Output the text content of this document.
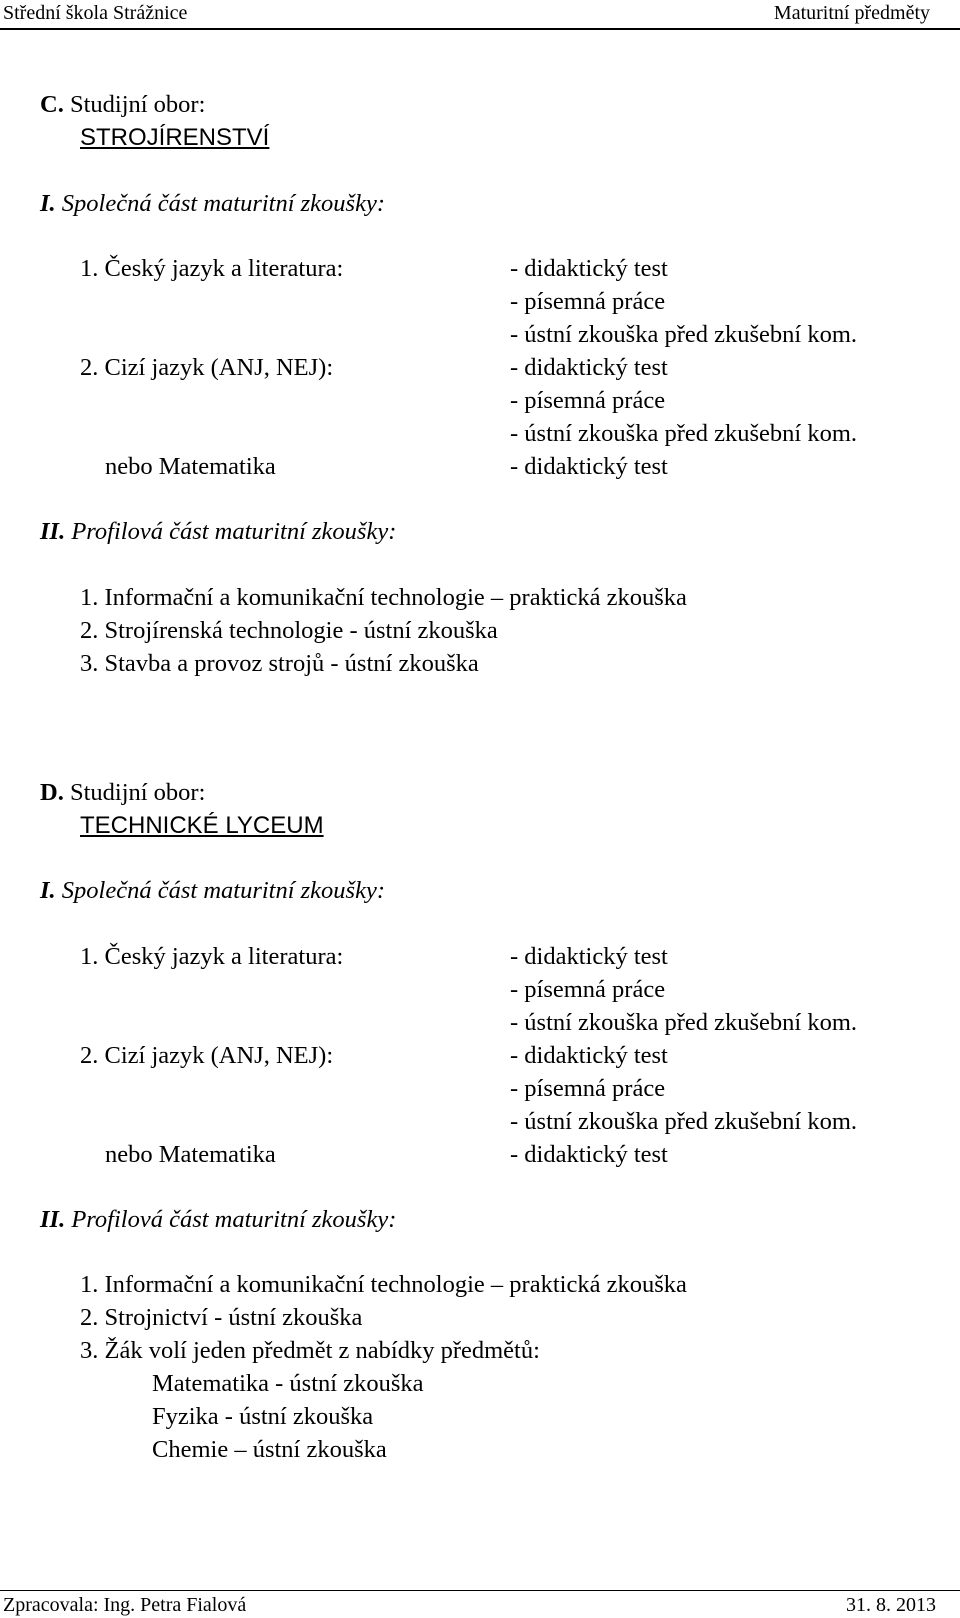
Střední škola Strážnice	Maturitní předměty
C. Studijní obor:
STROJÍRENSTVÍ
I. Společná část maturitní zkoušky:
1. Český jazyk a literatura:	- didaktický test
- písemná práce
- ústní zkouška před zkušební kom.
2. Cizí jazyk (ANJ, NEJ):	- didaktický test
- písemná práce
- ústní zkouška před zkušební kom.
nebo Matematika	- didaktický test
II. Profilová část maturitní zkoušky:
1. Informační a komunikační technologie – praktická zkouška
2. Strojírenská technologie - ústní zkouška
3. Stavba a provoz strojů - ústní zkouška
D. Studijní obor:
TECHNICKÉ LYCEUM
I. Společná část maturitní zkoušky:
1. Český jazyk a literatura:	- didaktický test
- písemná práce
- ústní zkouška před zkušební kom.
2. Cizí jazyk (ANJ, NEJ):	- didaktický test
- písemná práce
- ústní zkouška před zkušební kom.
nebo Matematika	- didaktický test
II. Profilová část maturitní zkoušky:
1. Informační a komunikační technologie – praktická zkouška
2. Strojnictví - ústní zkouška
3. Žák volí jeden předmět z nabídky předmětů:
Matematika - ústní zkouška
Fyzika - ústní zkouška
Chemie – ústní zkouška
Zpracovala: Ing. Petra Fialová	31. 8. 2013
